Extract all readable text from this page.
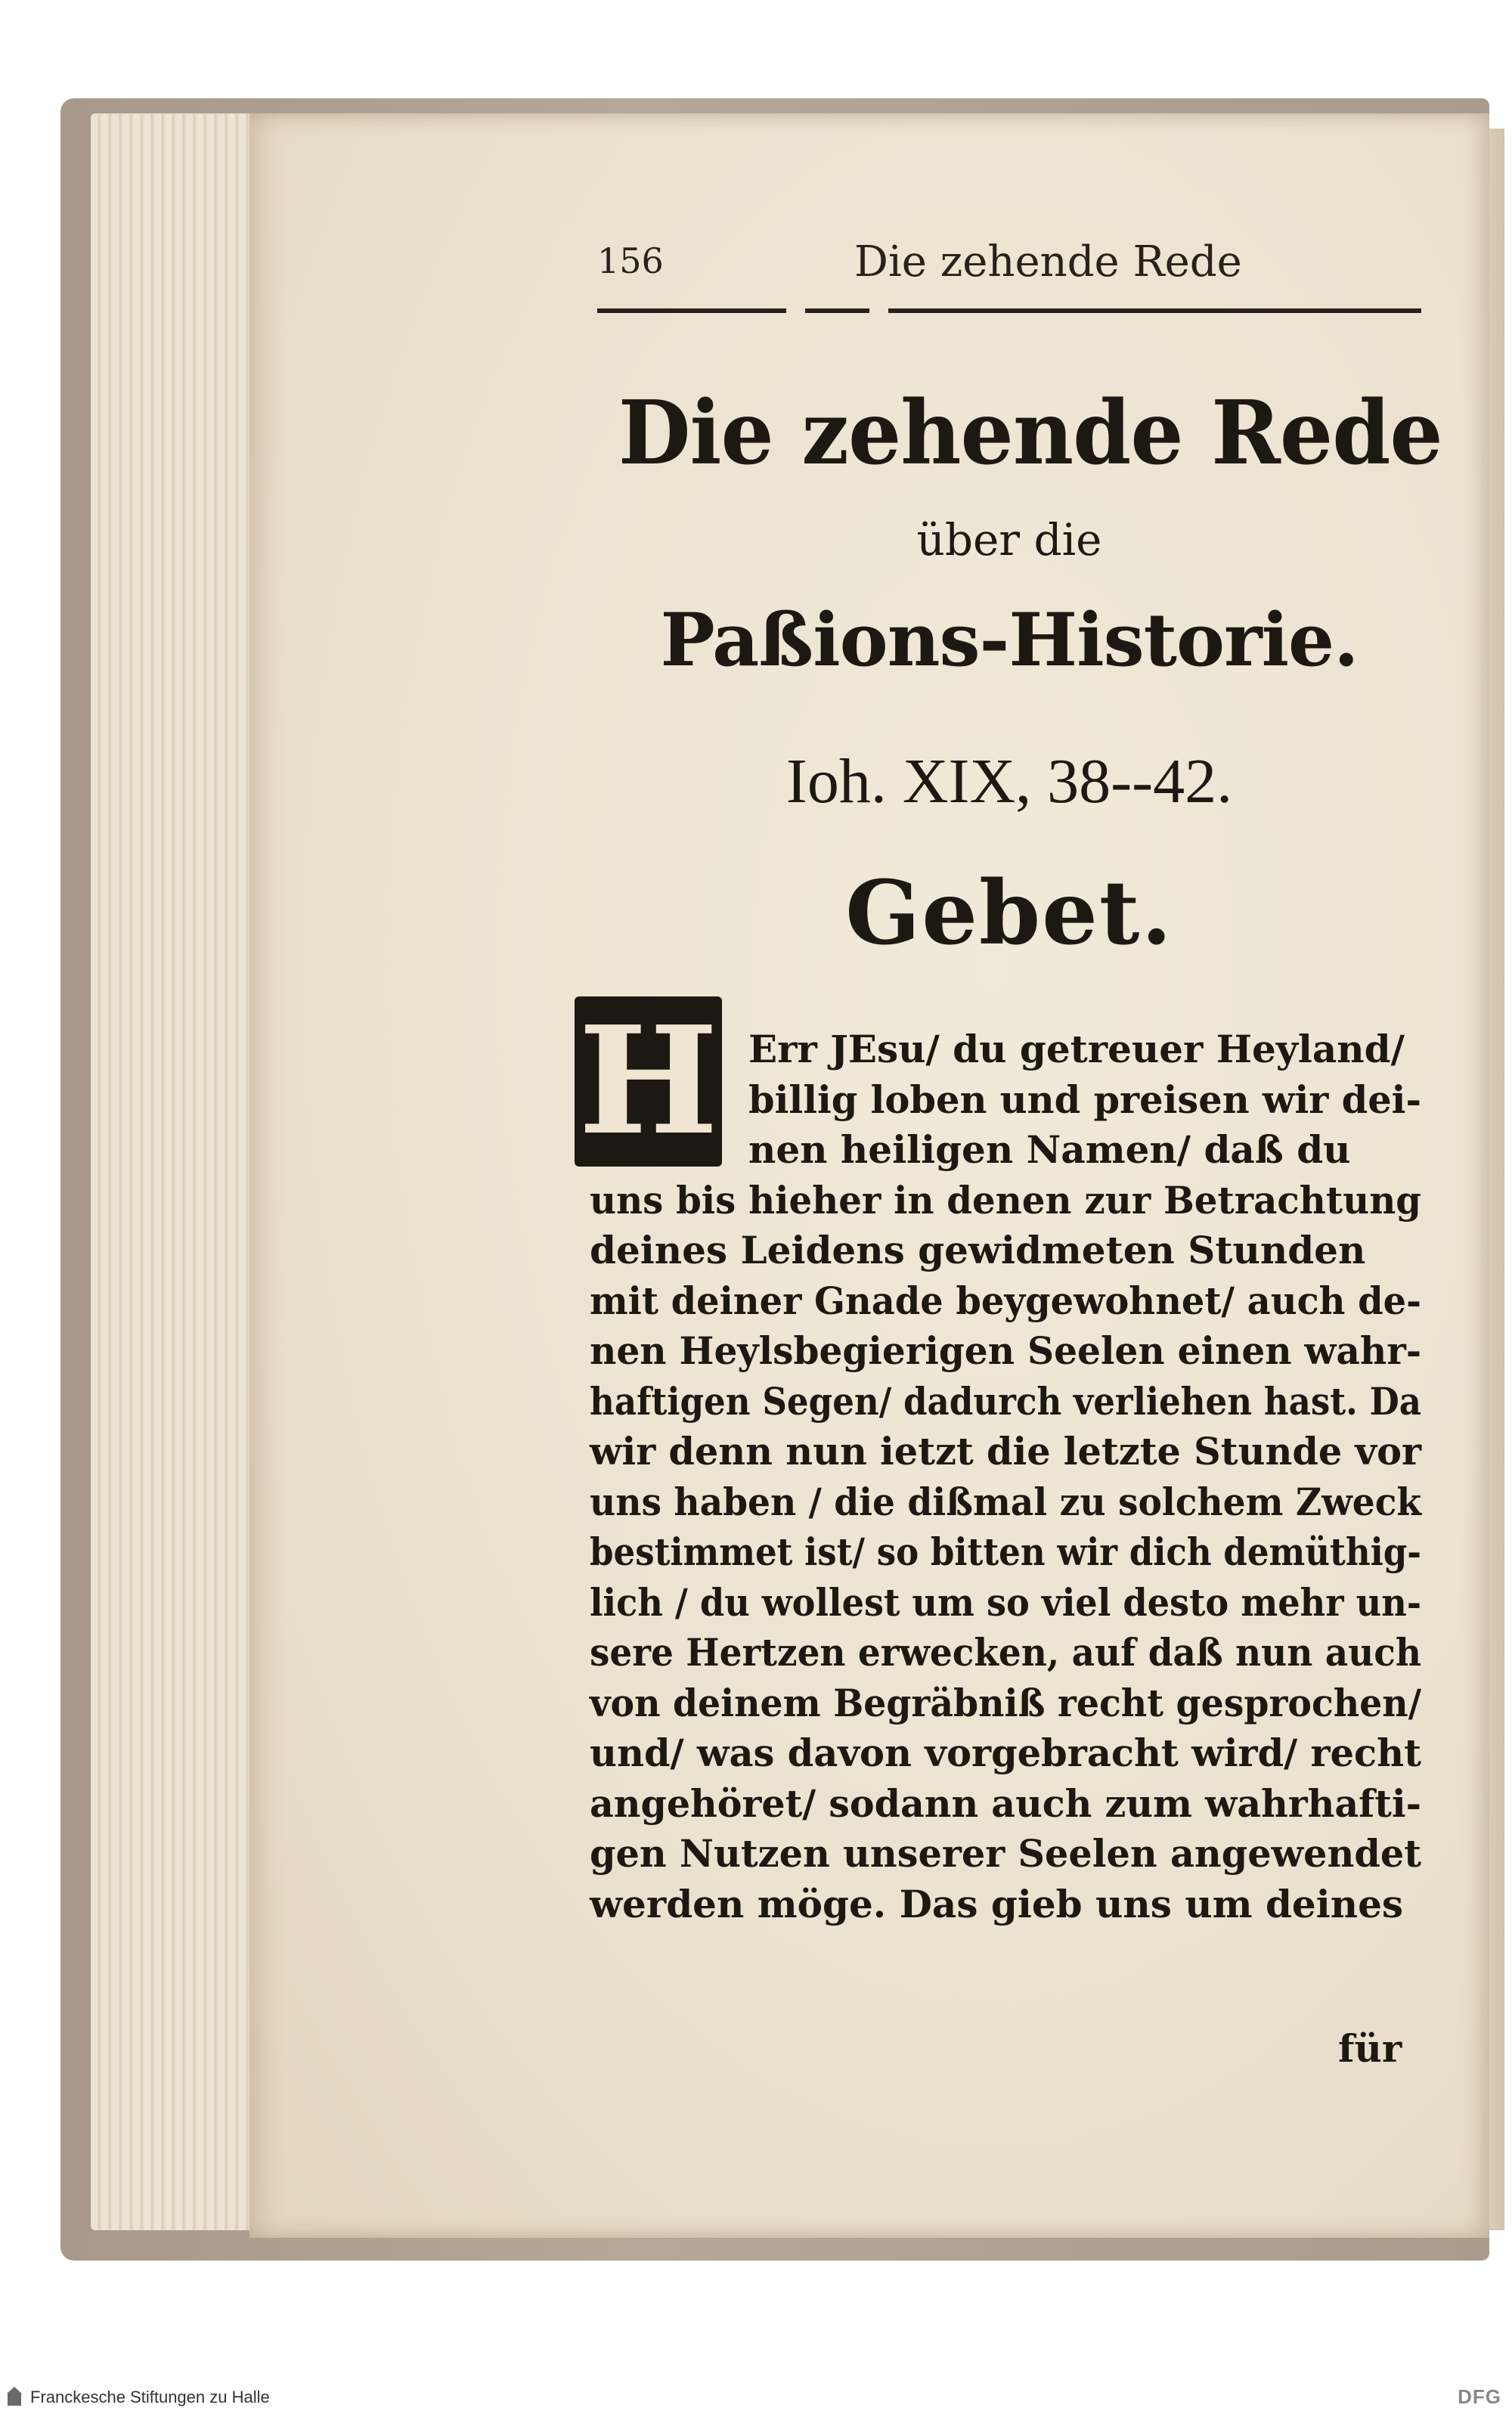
156	Die zehende Rede
Die zehende Rede
über die
Paßions-Historie.
Ioh. XIX, 38--42.
Gebet.
H Err JEsu/ du getreuer Heyland/
billig loben und preisen wir dei-
nen heiligen Namen/ daß du
uns bis hieher in denen zur Betrachtung
deines Leidens gewidmeten Stunden
mit deiner Gnade beygewohnet/ auch de-
nen Heylsbegierigen Seelen einen wahr-
haftigen Segen/ dadurch verliehen hast. Da
wir denn nun ietzt die letzte Stunde vor
uns haben / die dißmal zu solchem Zweck
bestimmet ist/ so bitten wir dich demüthig-
lich / du wollest um so viel desto mehr un-
sere Hertzen erwecken, auf daß nun auch
von deinem Begräbniß recht gesprochen/
und/ was davon vorgebracht wird/ recht
angehöret/ sodann auch zum wahrhafti-
gen Nutzen unserer Seelen angewendet
werden möge. Das gieb uns um deines
für
Franckesche Stiftungen zu Halle	DFG
